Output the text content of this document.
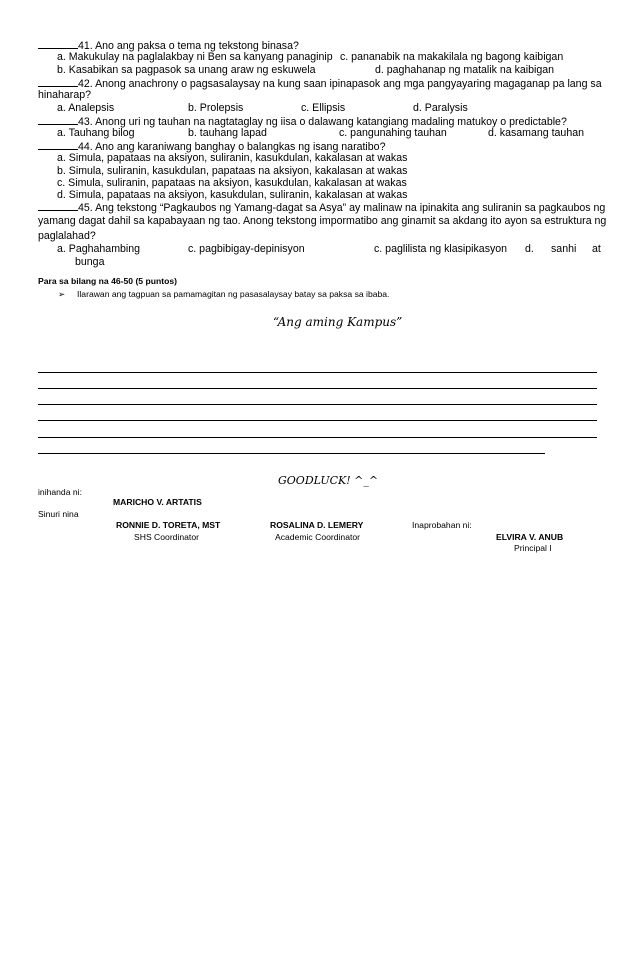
41. Ano ang paksa o tema ng tekstong binasa?
a. Makukulay na paglalakbay ni Ben sa kanyang panaginip c. pananabik na makakilala ng bagong kaibigan
b. Kasabikan sa pagpasok sa unang araw ng eskuwela	d. paghahanap ng matalik na kaibigan
42. Anong anachrony o pagsasalaysay na kung saan ipinapasok ang mga pangyayaring magaganap pa lang sa
hinaharap?
a. Analepsis	b. Prolepsis	c. Ellipsis	d. Paralysis
43. Anong uri ng tauhan na nagtataglay ng iisa o dalawang katangiang madaling matukoy o predictable?
a. Tauhang bilog	b. tauhang lapad	c. pangunahing tauhan	d. kasamang tauhan
44. Ano ang karaniwang banghay o balangkas ng isang naratibo?
a. Simula, papataas na aksiyon, suliranin, kasukdulan, kakalasan at wakas
b. Simula, suliranin, kasukdulan, papataas na aksiyon, kakalasan at wakas
c. Simula, suliranin, papataas na aksiyon, kasukdulan, kakalasan at wakas
d. Simula, papataas na aksiyon, kasukdulan, suliranin, kakalasan at wakas
45. Ang tekstong “Pagkaubos ng Yamang-dagat sa Asya” ay malinaw na ipinakita ang suliranin sa pagkaubos ng
yamang dagat dahil sa kapabayaan ng tao. Anong tekstong impormatibo ang ginamit sa akdang ito ayon sa estruktura ng
paglalahad?
a. Paghahambing	c. pagbibigay-depinisyon	c. paglilista ng klasipikasyon d. sanhi at
bunga
Para sa bilang na 46-50 (5 puntos)
➢ Ilarawan ang tagpuan sa pamamagitan ng pasasalaysay batay sa paksa sa ibaba.
“Ang aming Kampus”
GOODLUCK! ^_^
inihanda ni:
MARICHO V. ARTATIS
Sinuri nina
RONNIE D. TORETA, MST
SHS Coordinator
ROSALINA D. LEMERY
Academic Coordinator
Inaprobahan ni:
ELVIRA V. ANUB
Principal I
